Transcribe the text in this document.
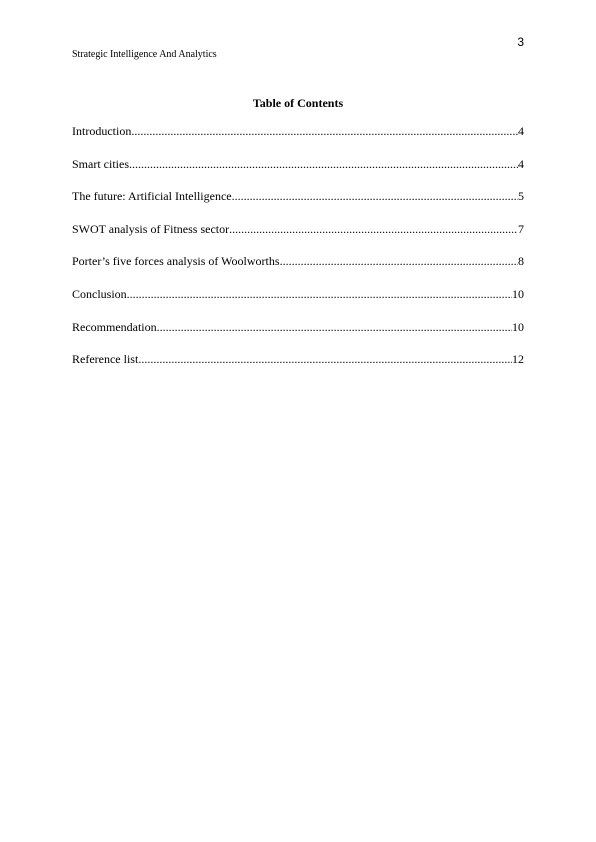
3
Strategic Intelligence And Analytics
Table of Contents
Introduction .....	4
Smart cities .....	4
The future: Artificial Intelligence .....	5
SWOT analysis of Fitness sector .....	7
Porter’s five forces analysis of Woolworths .....	8
Conclusion .....	10
Recommendation .....	10
Reference list .....	12
